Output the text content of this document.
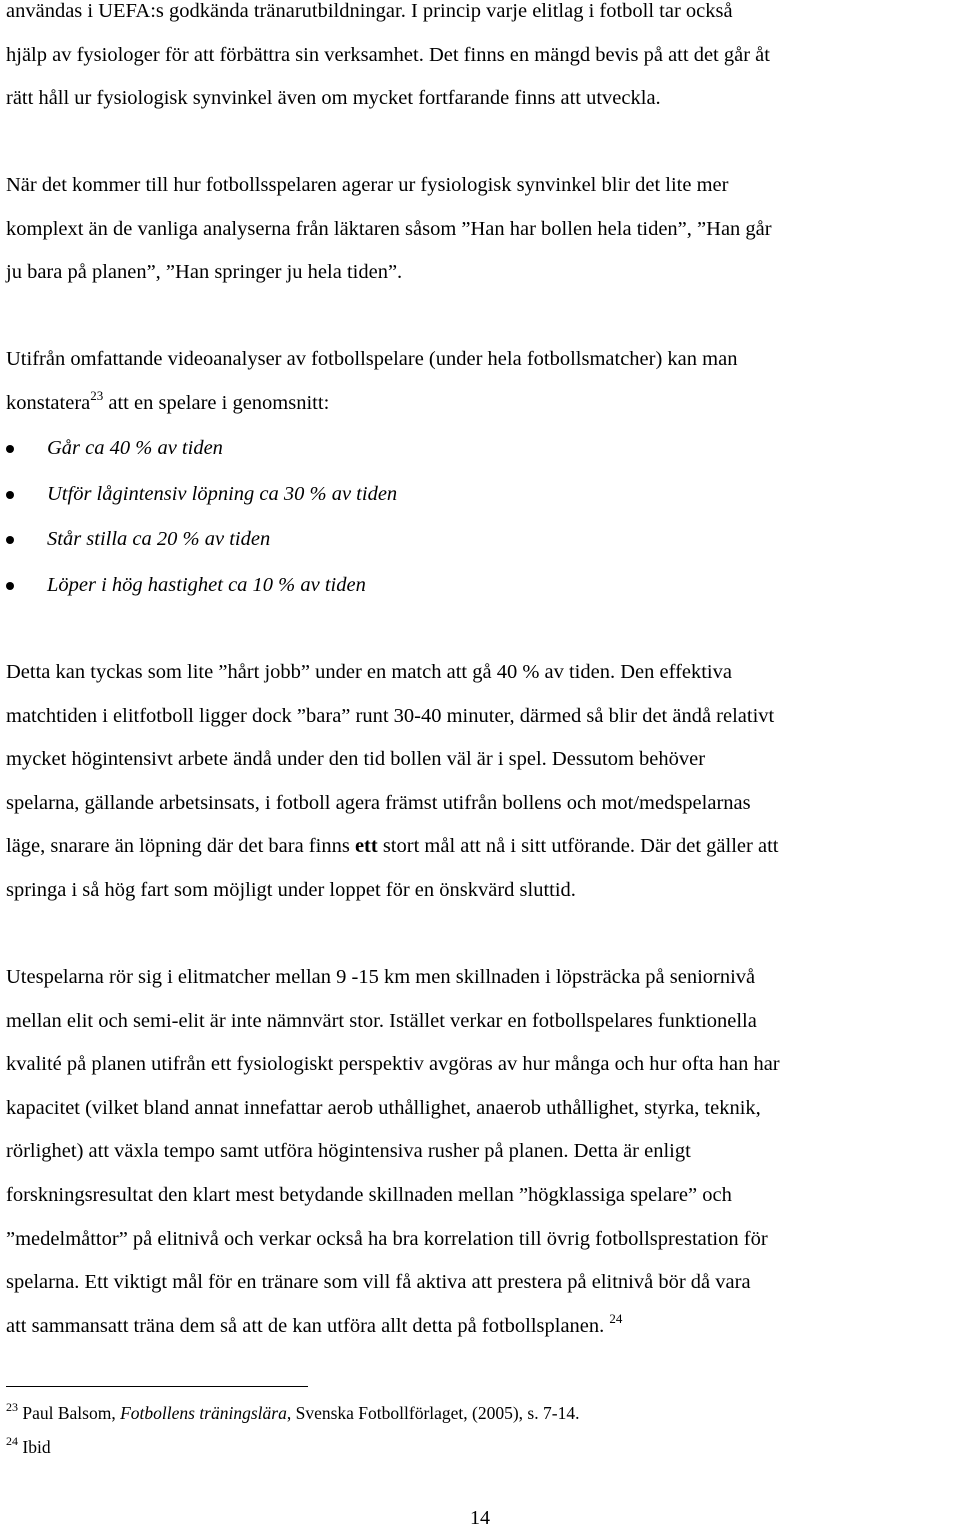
användas i UEFA:s godkända tränarutbildningar. I princip varje elitlag i fotboll tar också
hjälp av fysiologer för att förbättra sin verksamhet. Det finns en mängd bevis på att det går åt
rätt håll ur fysiologisk synvinkel även om mycket fortfarande finns att utveckla.

När det kommer till hur fotbollsspelaren agerar ur fysiologisk synvinkel blir det lite mer
komplext än de vanliga analyserna från läktaren såsom ”Han har bollen hela tiden”, ”Han går
ju bara på planen”, ”Han springer ju hela tiden”.

Utifrån omfattande videoanalyser av fotbollspelare (under hela fotbollsmatcher) kan man
konstatera$^{23}$ att en spelare i genomsnitt:

Går ca 40 % av tiden
Utför lågintensiv löpning ca 30 % av tiden
Står stilla ca 20 % av tiden
Löper i hög hastighet ca 10 % av tiden

Detta kan tyckas som lite ”hårt jobb” under en match att gå 40 % av tiden. Den effektiva
matchtiden i elitfotboll ligger dock ”bara” runt 30-40 minuter, därmed så blir det ändå relativt
mycket högintensivt arbete ändå under den tid bollen väl är i spel. Dessutom behöver
spelarna, gällande arbetsinsats, i fotboll agera främst utifrån bollens och mot/medspelarnas
läge, snarare än löpning där det bara finns ett stort mål att nå i sitt utförande. Där det gäller att
springa i så hög fart som möjligt under loppet för en önskvärd sluttid.

Utespelarna rör sig i elitmatcher mellan 9 -15 km men skillnaden i löpsträcka på seniornivå
mellan elit och semi-elit är inte nämnvärt stor. Istället verkar en fotbollspelares funktionella
kvalité på planen utifrån ett fysiologiskt perspektiv avgöras av hur många och hur ofta han har
kapacitet (vilket bland annat innefattar aerob uthållighet, anaerob uthållighet, styrka, teknik,
rörlighet) att växla tempo samt utföra högintensiva rusher på planen. Detta är enligt
forskningsresultat den klart mest betydande skillnaden mellan ”högklassiga spelare” och
”medelmåttor” på elitnivå och verkar också ha bra korrelation till övrig fotbollsprestation för
spelarna. Ett viktigt mål för en tränare som vill få aktiva att prestera på elitnivå bör då vara
att sammansatt träna dem så att de kan utföra allt detta på fotbollsplanen. $^{24}$

$^{23}$ Paul Balsom, Fotbollens träningslära, Svenska Fotbollförlaget, (2005), s. 7-14.
$^{24}$ Ibid
14
